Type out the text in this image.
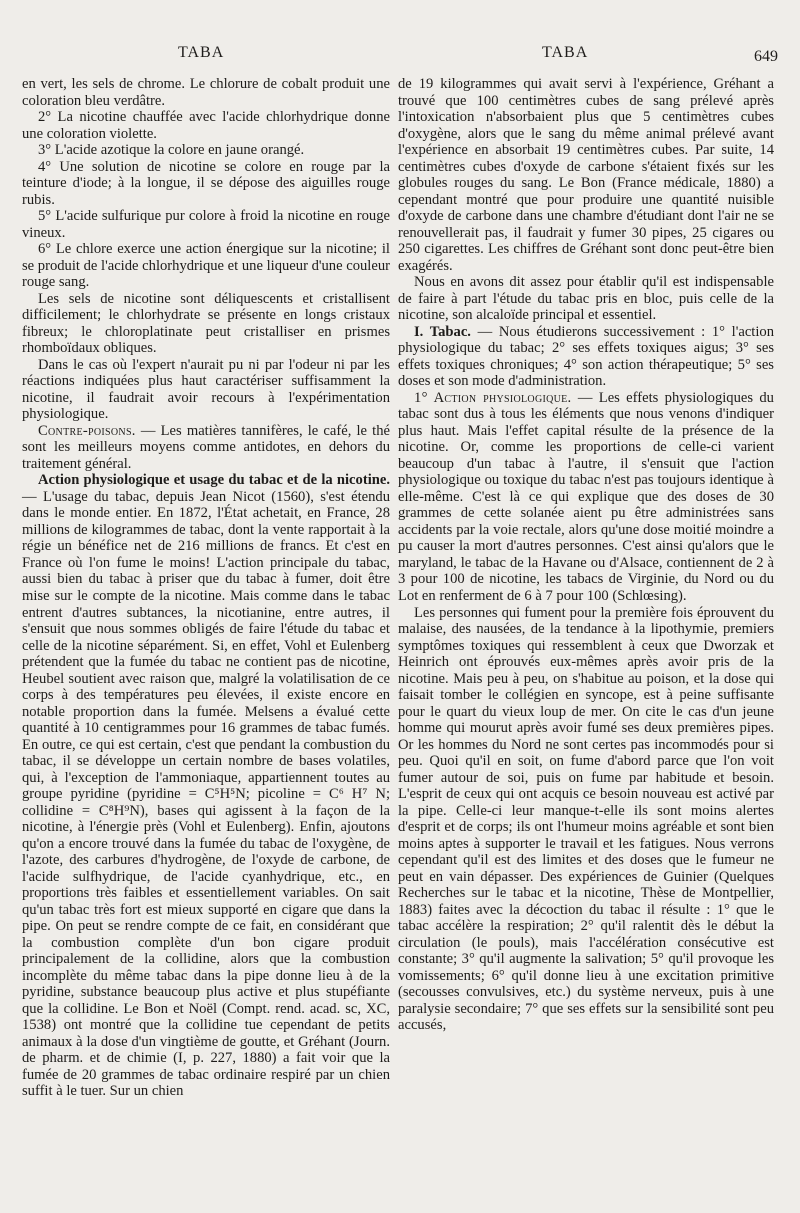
TABA	TABA	649

en vert, les sels de chrome. Le chlorure de cobalt produit une coloration bleu verdâtre.

2° La nicotine chauffée avec l'acide chlorhydrique donne une coloration violette.

3° L'acide azotique la colore en jaune orangé.

4° Une solution de nicotine se colore en rouge par la teinture d'iode; à la longue, il se dépose des aiguilles rouge rubis.

5° L'acide sulfurique pur colore à froid la nicotine en rouge vineux.

6° Le chlore exerce une action énergique sur la nicotine; il se produit de l'acide chlorhydrique et une liqueur d'une couleur rouge sang.

Les sels de nicotine sont déliquescents et cristallisent difficilement; le chlorhydrate se présente en longs cristaux fibreux; le chloroplatinate peut cristalliser en prismes rhomboïdaux obliques.

Dans le cas où l'expert n'aurait pu ni par l'odeur ni par les réactions indiquées plus haut caractériser suffisamment la nicotine, il faudrait avoir recours à l'expérimentation physiologique.

Contre-poisons. — Les matières tannifères, le café, le thé sont les meilleurs moyens comme antidotes, en dehors du traitement général.

Action physiologique et usage du tabac et de la nicotine. — L'usage du tabac, depuis Jean Nicot (1560), s'est étendu dans le monde entier. En 1872, l'État achetait, en France, 28 millions de kilogrammes de tabac, dont la vente rapportait à la régie un bénéfice net de 216 millions de francs. Et c'est en France où l'on fume le moins! L'action principale du tabac, aussi bien du tabac à priser que du tabac à fumer, doit être mise sur le compte de la nicotine. Mais comme dans le tabac entrent d'autres subtances, la nicotianine, entre autres, il s'ensuit que nous sommes obligés de faire l'étude du tabac et celle de la nicotine séparément. Si, en effet, Vohl et Eulenberg prétendent que la fumée du tabac ne contient pas de nicotine, Heubel soutient avec raison que, malgré la volatilisation de ce corps à des températures peu élevées, il existe encore en notable proportion dans la fumée. Melsens a évalué cette quantité à 10 centigrammes pour 16 grammes de tabac fumés. En outre, ce qui est certain, c'est que pendant la combustion du tabac, il se développe un certain nombre de bases volatiles, qui, à l'exception de l'ammoniaque, appartiennent toutes au groupe pyridine (pyridine = C⁵H⁵N; picoline = C⁶ H⁷ N; collidine = C⁸H⁹N), bases qui agissent à la façon de la nicotine, à l'énergie près (Vohl et Eulenberg). Enfin, ajoutons qu'on a encore trouvé dans la fumée du tabac de l'oxygène, de l'azote, des carbures d'hydrogène, de l'oxyde de carbone, de l'acide sulfhydrique, de l'acide cyanhydrique, etc., en proportions très faibles et essentiellement variables. On sait qu'un tabac très fort est mieux supporté en cigare que dans la pipe. On peut se rendre compte de ce fait, en considérant que la combustion complète d'un bon cigare produit principalement de la collidine, alors que la combustion incomplète du même tabac dans la pipe donne lieu à de la pyridine, substance beaucoup plus active et plus stupéfiante que la collidine. Le Bon et Noël (Compt. rend. acad. sc, XC, 1538) ont montré que la collidine tue cependant de petits animaux à la dose d'un vingtième de goutte, et Gréhant (Journ. de pharm. et de chimie (I, p. 227, 1880) a fait voir que la fumée de 20 grammes de tabac ordinaire respiré par un chien suffit à le tuer. Sur un chien

de 19 kilogrammes qui avait servi à l'expérience, Gréhant a trouvé que 100 centimètres cubes de sang prélevé après l'intoxication n'absorbaient plus que 5 centimètres cubes d'oxygène, alors que le sang du même animal prélevé avant l'expérience en absorbait 19 centimètres cubes. Par suite, 14 centimètres cubes d'oxyde de carbone s'étaient fixés sur les globules rouges du sang. Le Bon (France médicale, 1880) a cependant montré que pour produire une quantité nuisible d'oxyde de carbone dans une chambre d'étudiant dont l'air ne se renouvellerait pas, il faudrait y fumer 30 pipes, 25 cigares ou 250 cigarettes. Les chiffres de Gréhant sont donc peut-être bien exagérés.

Nous en avons dit assez pour établir qu'il est indispensable de faire à part l'étude du tabac pris en bloc, puis celle de la nicotine, son alcaloïde principal et essentiel.

I. Tabac. — Nous étudierons successivement : 1° l'action physiologique du tabac; 2° ses effets toxiques aigus; 3° ses effets toxiques chroniques; 4° son action thérapeutique; 5° ses doses et son mode d'administration.

1° Action physiologique. — Les effets physiologiques du tabac sont dus à tous les éléments que nous venons d'indiquer plus haut. Mais l'effet capital résulte de la présence de la nicotine. Or, comme les proportions de celle-ci varient beaucoup d'un tabac à l'autre, il s'ensuit que l'action physiologique ou toxique du tabac n'est pas toujours identique à elle-même. C'est là ce qui explique que des doses de 30 grammes de cette solanée aient pu être administrées sans accidents par la voie rectale, alors qu'une dose moitié moindre a pu causer la mort d'autres personnes. C'est ainsi qu'alors que le maryland, le tabac de la Havane ou d'Alsace, contiennent de 2 à 3 pour 100 de nicotine, les tabacs de Virginie, du Nord ou du Lot en renferment de 6 à 7 pour 100 (Schlœsing).

Les personnes qui fument pour la première fois éprouvent du malaise, des nausées, de la tendance à la lipothymie, premiers symptômes toxiques qui ressemblent à ceux que Dworzak et Heinrich ont éprouvés eux-mêmes après avoir pris de la nicotine. Mais peu à peu, on s'habitue au poison, et la dose qui faisait tomber le collégien en syncope, est à peine suffisante pour le quart du vieux loup de mer. On cite le cas d'un jeune homme qui mourut après avoir fumé ses deux premières pipes. Or les hommes du Nord ne sont certes pas incommodés pour si peu. Quoi qu'il en soit, on fume d'abord parce que l'on voit fumer autour de soi, puis on fume par habitude et besoin. L'esprit de ceux qui ont acquis ce besoin nouveau est activé par la pipe. Celle-ci leur manque-t-elle ils sont moins alertes d'esprit et de corps; ils ont l'humeur moins agréable et sont bien moins aptes à supporter le travail et les fatigues. Nous verrons cependant qu'il est des limites et des doses que le fumeur ne peut en vain dépasser. Des expériences de Guinier (Quelques Recherches sur le tabac et la nicotine, Thèse de Montpellier, 1883) faites avec la décoction du tabac il résulte : 1° que le tabac accélère la respiration; 2° qu'il ralentit dès le début la circulation (le pouls), mais l'accélération consécutive est constante; 3° qu'il augmente la salivation; 5° qu'il provoque les vomissements; 6° qu'il donne lieu à une excitation primitive (secousses convulsives, etc.) du système nerveux, puis à une paralysie secondaire; 7° que ses effets sur la sensibilité sont peu accusés,
